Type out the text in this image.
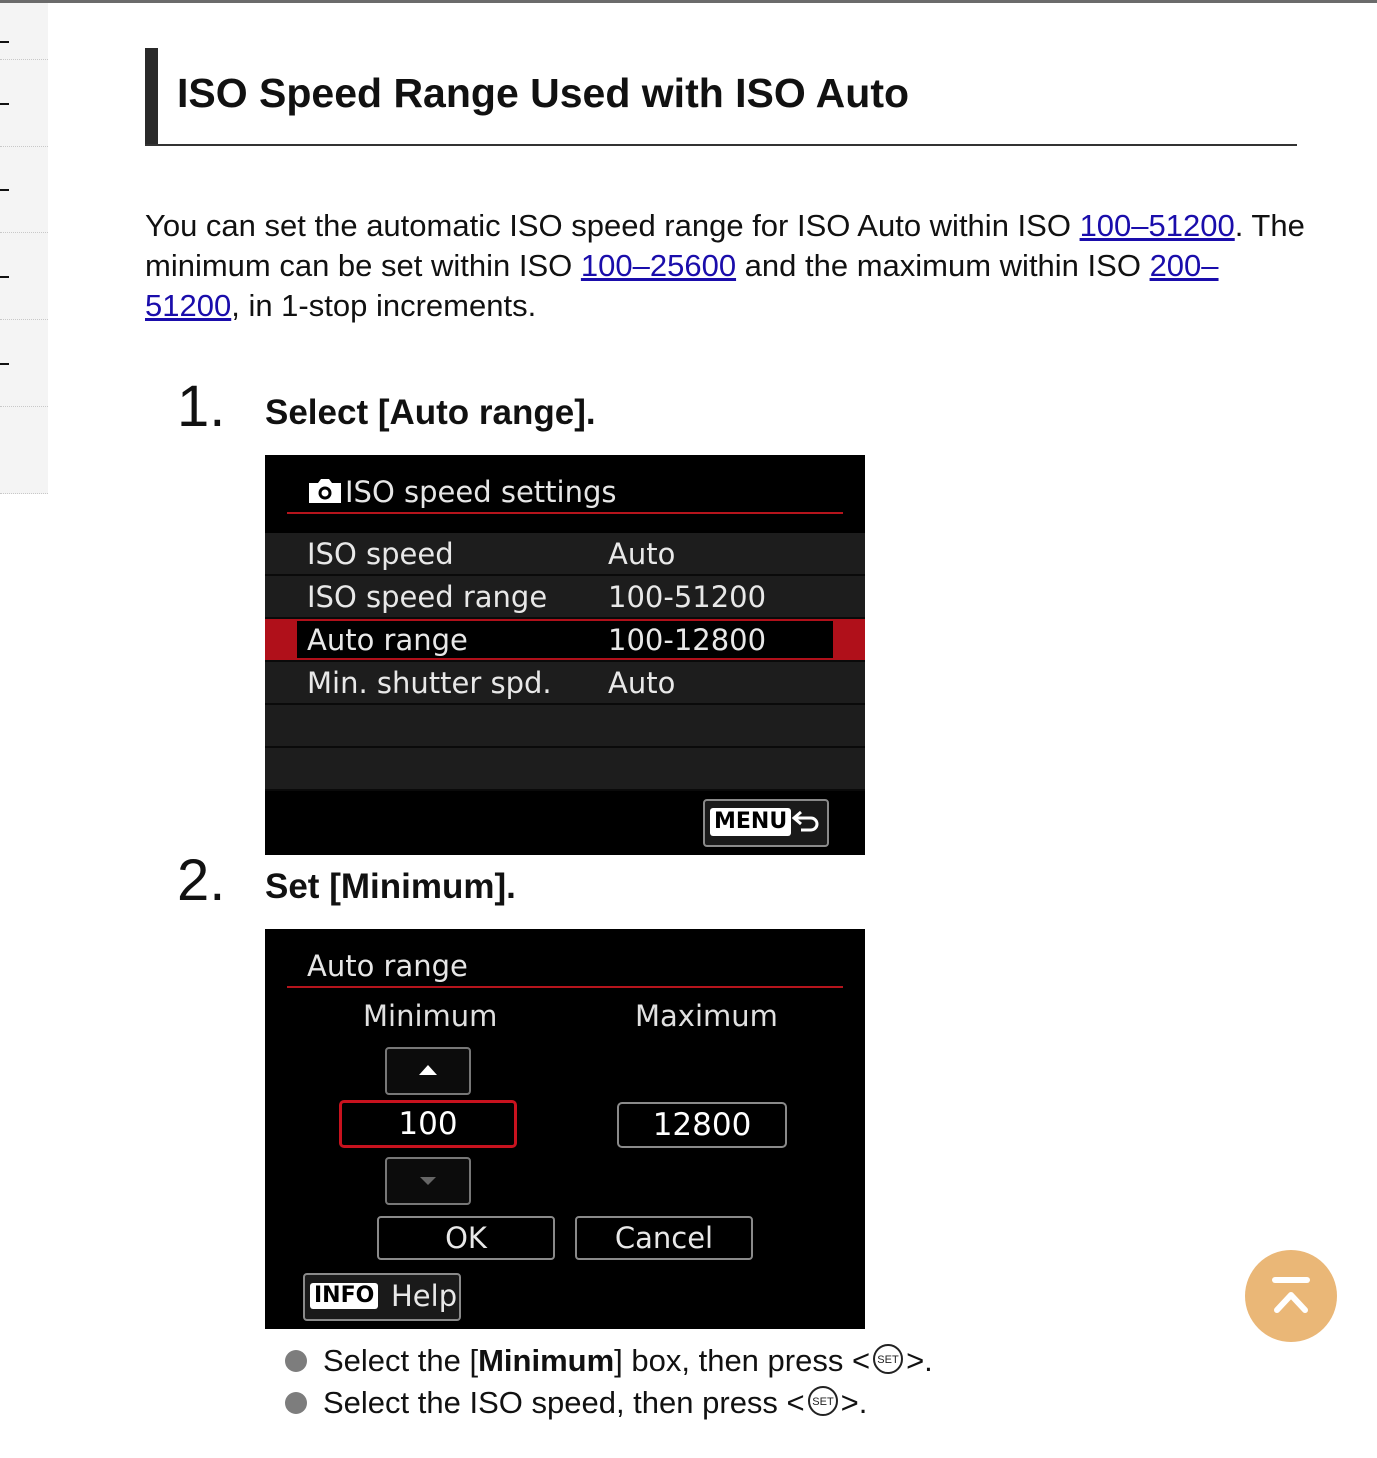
ISO Speed Range Used with ISO Auto
You can set the automatic ISO speed range for ISO Auto within ISO 100–51200. The minimum can be set within ISO 100–25600 and the maximum within ISO 200–51200, in 1-stop increments.
1. Select [Auto range].
ISO speed settings
ISO speed	Auto
ISO speed range 100-51200
Auto range	100-12800
Min. shutter spd. Auto
MENU
2. Set [Minimum].
Auto range
Minimum	Maximum
100	12800
OK	Cancel
INFO Help
Select the [Minimum] box, then press < SET >.
Select the ISO speed, then press < SET >.
